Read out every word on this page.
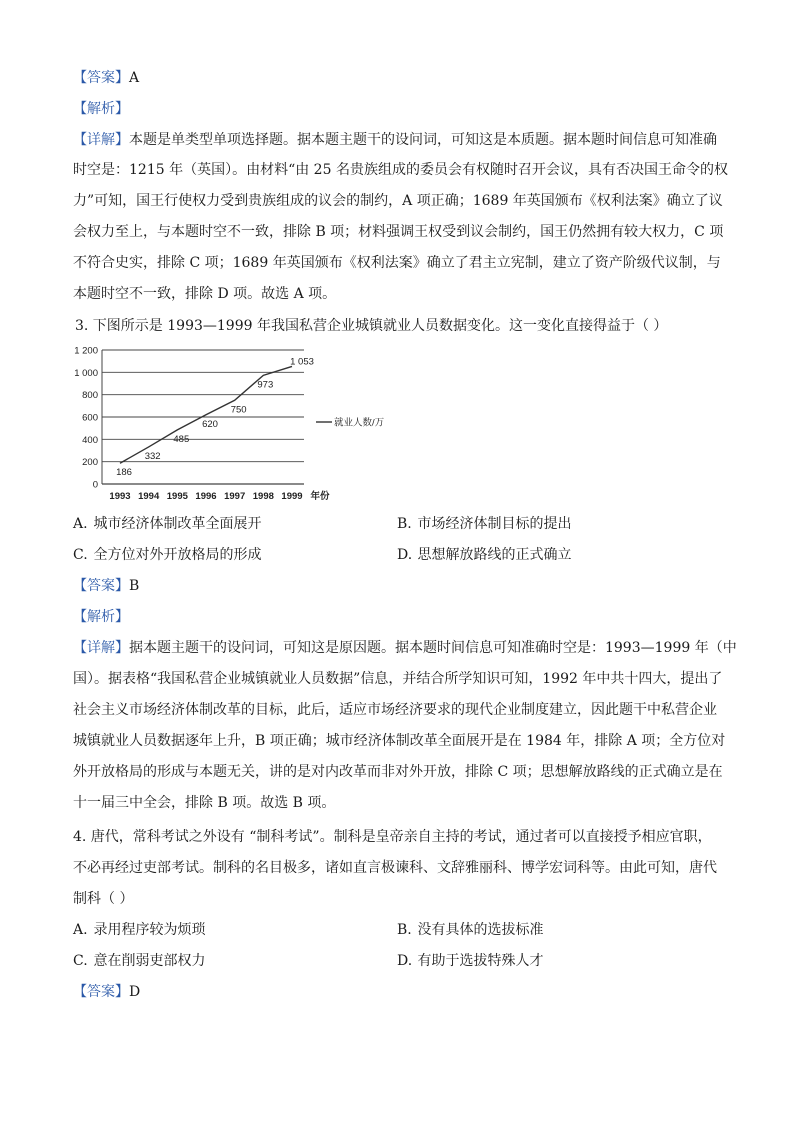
【答案】A
【解析】
【详解】本题是单类型单项选择题。据本题主题干的设问词，可知这是本质题。据本题时间信息可知准确
时空是：1215 年（英国）。由材料“由 25 名贵族组成的委员会有权随时召开会议，具有否决国王命令的权
力”可知，国王行使权力受到贵族组成的议会的制约，A 项正确；1689 年英国颁布《权利法案》确立了议
会权力至上，与本题时空不一致，排除 B 项；材料强调王权受到议会制约，国王仍然拥有较大权力，C 项
不符合史实，排除 C 项；1689 年英国颁布《权利法案》确立了君主立宪制，建立了资产阶级代议制，与
本题时空不一致，排除 D 项。故选 A 项。
3. 下图所示是 1993—1999 年我国私营企业城镇就业人员数据变化。这一变化直接得益于（ ）
0
200
400
600
800
1 000
1 200
1993 1994 1995 1996 1997 1998 1999 年份
186
332
485
620
750
973
1 053
就业人数/万
A. 城市经济体制改革全面展开	B. 市场经济体制目标的提出
C. 全方位对外开放格局的形成	D. 思想解放路线的正式确立
【答案】B
【解析】
【详解】据本题主题干的设问词，可知这是原因题。据本题时间信息可知准确时空是：1993—1999 年（中
国）。据表格“我国私营企业城镇就业人员数据”信息，并结合所学知识可知，1992 年中共十四大，提出了
社会主义市场经济体制改革的目标，此后，适应市场经济要求的现代企业制度建立，因此题干中私营企业
城镇就业人员数据逐年上升，B 项正确；城市经济体制改革全面展开是在 1984 年，排除 A 项；全方位对
外开放格局的形成与本题无关，讲的是对内改革而非对外开放，排除 C 项；思想解放路线的正式确立是在
十一届三中全会，排除 B 项。故选 B 项。
4. 唐代，常科考试之外设有 “制科考试”。制科是皇帝亲自主持的考试，通过者可以直接授予相应官职，
不必再经过吏部考试。制科的名目极多，诸如直言极谏科、文辞雅丽科、博学宏词科等。由此可知，唐代
制科（ ）
A. 录用程序较为烦琐	B. 没有具体的选拔标准
C. 意在削弱吏部权力	D. 有助于选拔特殊人才
【答案】D
